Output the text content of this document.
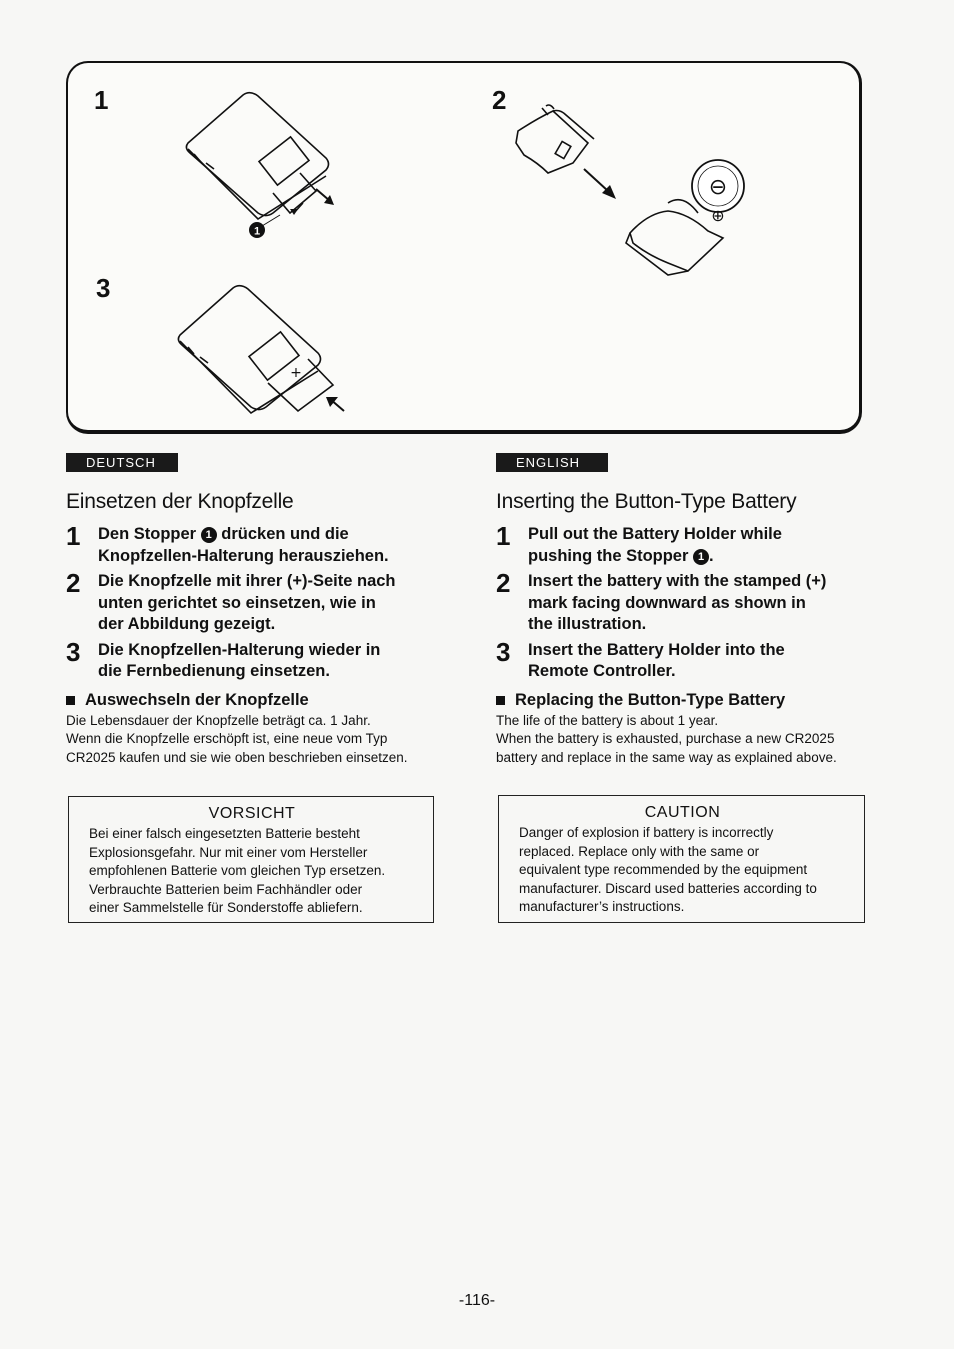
1
⊖
⊕
+
1	2
3
DEUTSCH
Einsetzen der Knopfzelle
1	Den Stopper 1 drücken und die
Knopfzellen-Halterung herausziehen.
2	Die Knopfzelle mit ihrer (+)-Seite nach
unten gerichtet so einsetzen, wie in
der Abbildung gezeigt.
3	Die Knopfzellen-Halterung wieder in
die Fernbedienung einsetzen.
Auswechseln der Knopfzelle
Die Lebensdauer der Knopfzelle beträgt ca. 1 Jahr.
Wenn die Knopfzelle erschöpft ist, eine neue vom Typ
CR2025 kaufen und sie wie oben beschrieben einsetzen.
VORSICHT
Bei einer falsch eingesetzten Batterie besteht
Explosionsgefahr. Nur mit einer vom Hersteller
empfohlenen Batterie vom gleichen Typ ersetzen.
Verbrauchte Batterien beim Fachhändler oder
einer Sammelstelle für Sonderstoffe abliefern.
ENGLISH
Inserting the Button-Type Battery
1	Pull out the Battery Holder while
pushing the Stopper 1 .
2	Insert the battery with the stamped (+)
mark facing downward as shown in
the illustration.
3	Insert the Battery Holder into the
Remote Controller.
Replacing the Button-Type Battery
The life of the battery is about 1 year.
When the battery is exhausted, purchase a new CR2025
battery and replace in the same way as explained above.
CAUTION
Danger of explosion if battery is incorrectly
replaced. Replace only with the same or
equivalent type recommended by the equipment
manufacturer. Discard used batteries according to
manufacturer’s instructions.
-116-
